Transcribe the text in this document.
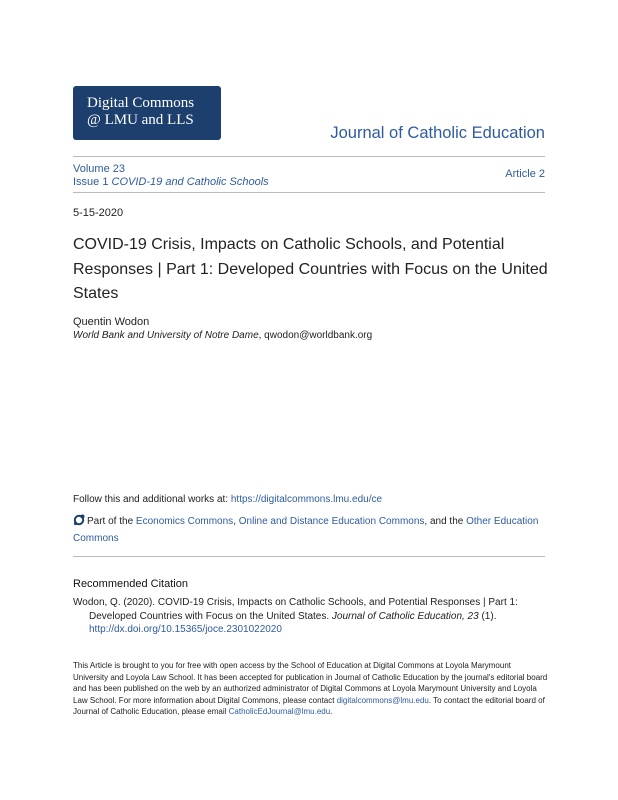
Digital Commons
@ LMU and LLS
Journal of Catholic Education
Volume 23
Issue 1 COVID-19 and Catholic Schools
Article 2
5-15-2020
COVID-19 Crisis, Impacts on Catholic Schools, and Potential Responses | Part 1: Developed Countries with Focus on the United States
Quentin Wodon
World Bank and University of Notre Dame, qwodon@worldbank.org
Follow this and additional works at: https://digitalcommons.lmu.edu/ce
Part of the Economics Commons, Online and Distance Education Commons, and the Other Education Commons
Recommended Citation
Wodon, Q. (2020). COVID-19 Crisis, Impacts on Catholic Schools, and Potential Responses | Part 1: Developed Countries with Focus on the United States. Journal of Catholic Education, 23 (1). http://dx.doi.org/10.15365/joce.2301022020
This Article is brought to you for free with open access by the School of Education at Digital Commons at Loyola Marymount University and Loyola Law School. It has been accepted for publication in Journal of Catholic Education by the journal's editorial board and has been published on the web by an authorized administrator of Digital Commons at Loyola Marymount University and Loyola Law School. For more information about Digital Commons, please contact digitalcommons@lmu.edu. To contact the editorial board of Journal of Catholic Education, please email CatholicEdJournal@lmu.edu.
